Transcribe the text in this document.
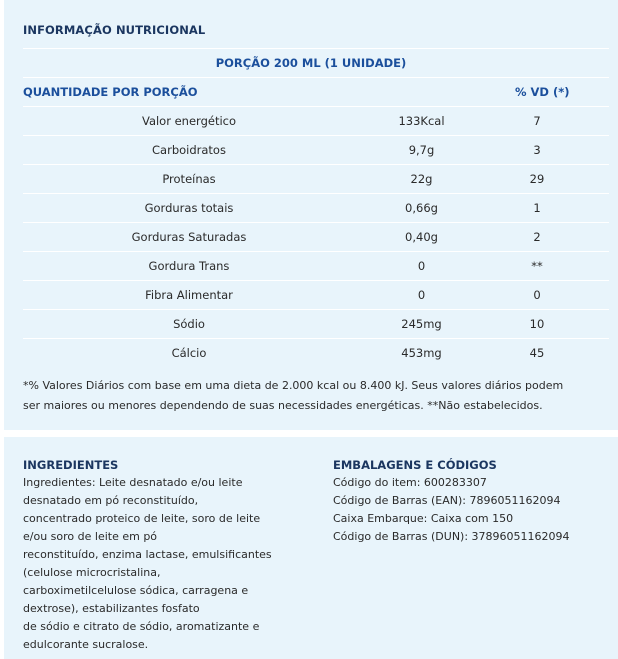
INFORMAÇÃO NUTRICIONAL
PORÇÃO 200 ML (1 UNIDADE)
QUANTIDADE POR PORÇÃO	% VD (*)
Valor energético	133Kcal	7
Carboidratos	9,7g	3
Proteínas	22g	29
Gorduras totais	0,66g	1
Gorduras Saturadas	0,40g	2
Gordura Trans	0	**
Fibra Alimentar	0	0
Sódio	245mg	10
Cálcio	453mg	45
*% Valores Diários com base em uma dieta de 2.000 kcal ou 8.400 kJ. Seus valores diários podem
ser maiores ou menores dependendo de suas necessidades energéticas. **Não estabelecidos.
INGREDIENTES
Ingredientes: Leite desnatado e/ou leite
desnatado em pó reconstituído,
concentrado proteico de leite, soro de leite
e/ou soro de leite em pó
reconstituído, enzima lactase, emulsificantes
(celulose microcristalina,
carboximetilcelulose sódica, carragena e
dextrose), estabilizantes fosfato
de sódio e citrato de sódio, aromatizante e
edulcorante sucralose.
EMBALAGENS E CÓDIGOS
Código do item: 600283307
Código de Barras (EAN): 7896051162094
Caixa Embarque: Caixa com 150
Código de Barras (DUN): 37896051162094
